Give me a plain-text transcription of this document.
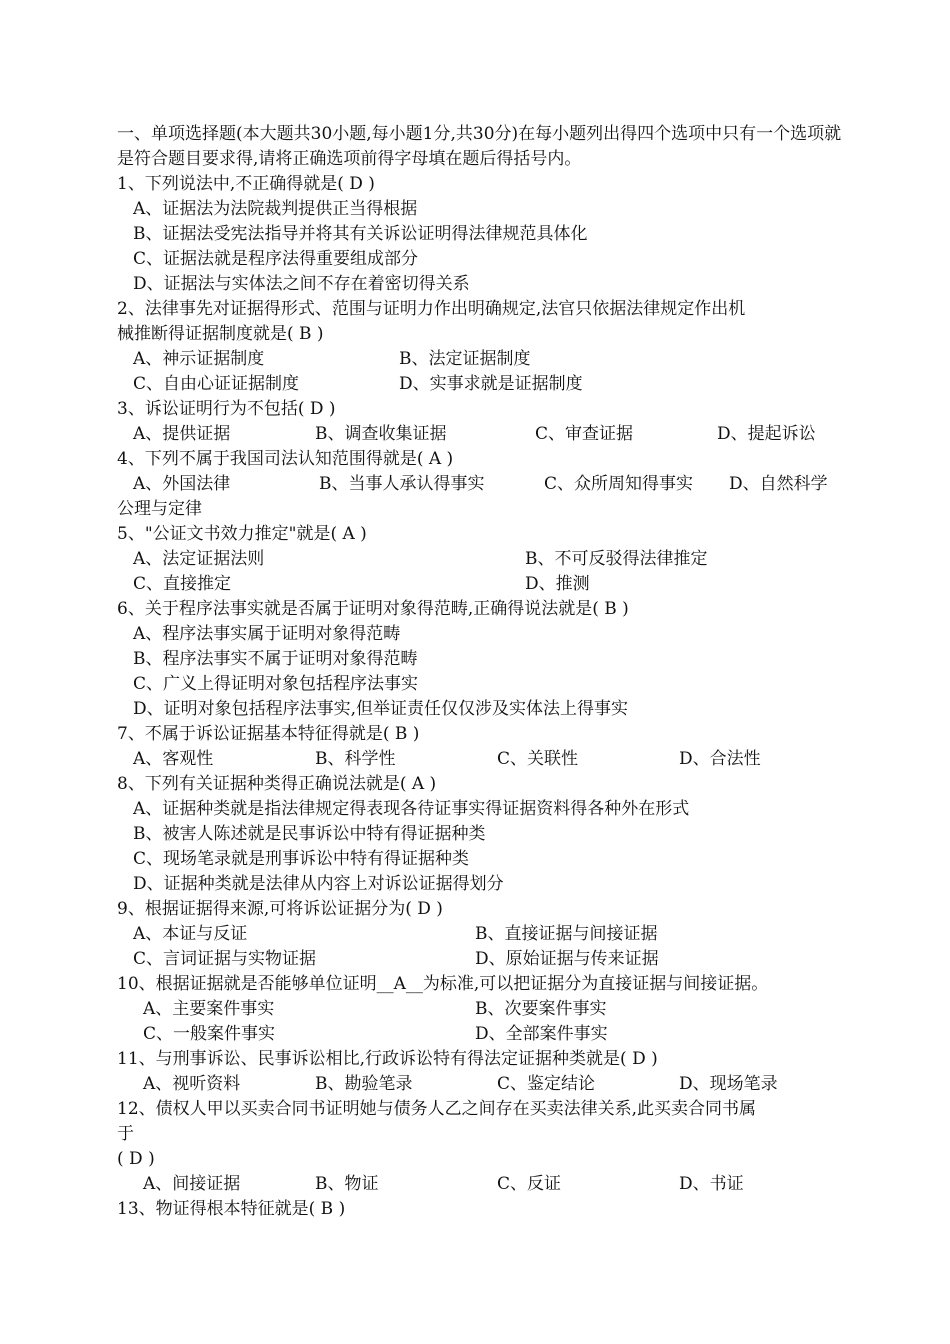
一、单项选择题(本大题共30小题,每小题1分,共30分)在每小题列出得四个选项中只有一个选项就是符合题目要求得,请将正确选项前得字母填在题后得括号内。
1、下列说法中,不正确得就是( D )
A、证据法为法院裁判提供正当得根据
B、证据法受宪法指导并将其有关诉讼证明得法律规范具体化
C、证据法就是程序法得重要组成部分
D、证据法与实体法之间不存在着密切得关系
2、法律事先对证据得形式、范围与证明力作出明确规定,法官只依据法律规定作出机
械推断得证据制度就是( B )
A、神示证据制度	B、法定证据制度
C、自由心证证据制度	D、实事求就是证据制度
3、诉讼证明行为不包括( D )
A、提供证据	B、调查收集证据	C、审查证据	D、提起诉讼
4、下列不属于我国司法认知范围得就是( A )
A、外国法律	B、当事人承认得事实	C、众所周知得事实	D、自然科学
公理与定律
5、"公证文书效力推定"就是( A )
A、法定证据法则	B、不可反驳得法律推定
C、直接推定	D、推测
6、关于程序法事实就是否属于证明对象得范畴,正确得说法就是( B )
A、程序法事实属于证明对象得范畴
B、程序法事实不属于证明对象得范畴
C、广义上得证明对象包括程序法事实
D、证明对象包括程序法事实,但举证责任仅仅涉及实体法上得事实
7、不属于诉讼证据基本特征得就是( B )
A、客观性	B、科学性	C、关联性	D、合法性
8、下列有关证据种类得正确说法就是( A )
A、证据种类就是指法律规定得表现各待证事实得证据资料得各种外在形式
B、被害人陈述就是民事诉讼中特有得证据种类
C、现场笔录就是刑事诉讼中特有得证据种类
D、证据种类就是法律从内容上对诉讼证据得划分
9、根据证据得来源,可将诉讼证据分为( D )
A、本证与反证	B、直接证据与间接证据
C、言词证据与实物证据	D、原始证据与传来证据
10、根据证据就是否能够单位证明__A__为标准,可以把证据分为直接证据与间接证据。
A、主要案件事实	B、次要案件事实
C、一般案件事实	D、全部案件事实
11、与刑事诉讼、民事诉讼相比,行政诉讼特有得法定证据种类就是( D )
A、视听资料	B、勘验笔录	C、鉴定结论	D、现场笔录
12、债权人甲以买卖合同书证明她与债务人乙之间存在买卖法律关系,此买卖合同书属
于
( D )
A、间接证据	B、物证	C、反证	D、书证
13、物证得根本特征就是( B )
